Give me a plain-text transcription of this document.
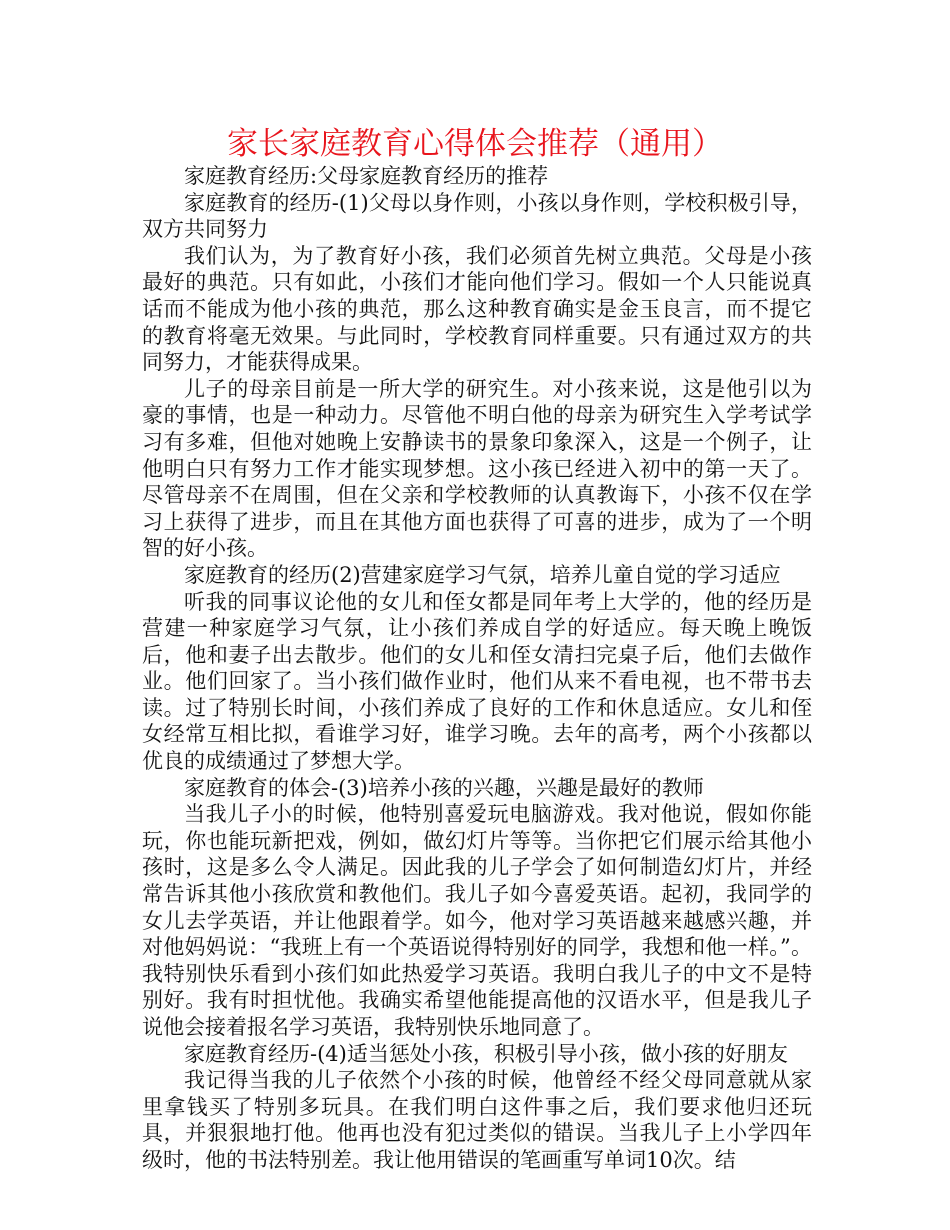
家长家庭教育心得体会推荐（通用）

家庭教育经历:父母家庭教育经历的推荐

家庭教育的经历-(1)父母以身作则，小孩以身作则，学校积极引导，双方共同努力

我们认为，为了教育好小孩，我们必须首先树立典范。父母是小孩最好的典范。只有如此，小孩们才能向他们学习。假如一个人只能说真话而不能成为他小孩的典范，那么这种教育确实是金玉良言，而不提它的教育将毫无效果。与此同时，学校教育同样重要。只有通过双方的共同努力，才能获得成果。

儿子的母亲目前是一所大学的研究生。对小孩来说，这是他引以为豪的事情，也是一种动力。尽管他不明白他的母亲为研究生入学考试学习有多难，但他对她晚上安静读书的景象印象深入，这是一个例子，让他明白只有努力工作才能实现梦想。这小孩已经进入初中的第一天了。尽管母亲不在周围，但在父亲和学校教师的认真教诲下，小孩不仅在学习上获得了进步，而且在其他方面也获得了可喜的进步，成为了一个明智的好小孩。

家庭教育的经历(2)营建家庭学习气氛，培养儿童自觉的学习适应

听我的同事议论他的女儿和侄女都是同年考上大学的，他的经历是营建一种家庭学习气氛，让小孩们养成自学的好适应。每天晚上晚饭后，他和妻子出去散步。他们的女儿和侄女清扫完桌子后，他们去做作业。他们回家了。当小孩们做作业时，他们从来不看电视，也不带书去读。过了特别长时间，小孩们养成了良好的工作和休息适应。女儿和侄女经常互相比拟，看谁学习好，谁学习晚。去年的高考，两个小孩都以优良的成绩通过了梦想大学。

家庭教育的体会-(3)培养小孩的兴趣，兴趣是最好的教师

当我儿子小的时候，他特别喜爱玩电脑游戏。我对他说，假如你能玩，你也能玩新把戏，例如，做幻灯片等等。当你把它们展示给其他小孩时，这是多么令人满足。因此我的儿子学会了如何制造幻灯片，并经常告诉其他小孩欣赏和教他们。我儿子如今喜爱英语。起初，我同学的女儿去学英语，并让他跟着学。如今，他对学习英语越来越感兴趣，并对他妈妈说：“我班上有一个英语说得特别好的同学，我想和他一样。”。我特别快乐看到小孩们如此热爱学习英语。我明白我儿子的中文不是特别好。我有时担忧他。我确实希望他能提高他的汉语水平，但是我儿子说他会接着报名学习英语，我特别快乐地同意了。

家庭教育经历-(4)适当惩处小孩，积极引导小孩，做小孩的好朋友

我记得当我的儿子依然个小孩的时候，他曾经不经父母同意就从家里拿钱买了特别多玩具。在我们明白这件事之后，我们要求他归还玩具，并狠狠地打他。他再也没有犯过类似的错误。当我儿子上小学四年级时，他的书法特别差。我让他用错误的笔画重写单词10次。结
